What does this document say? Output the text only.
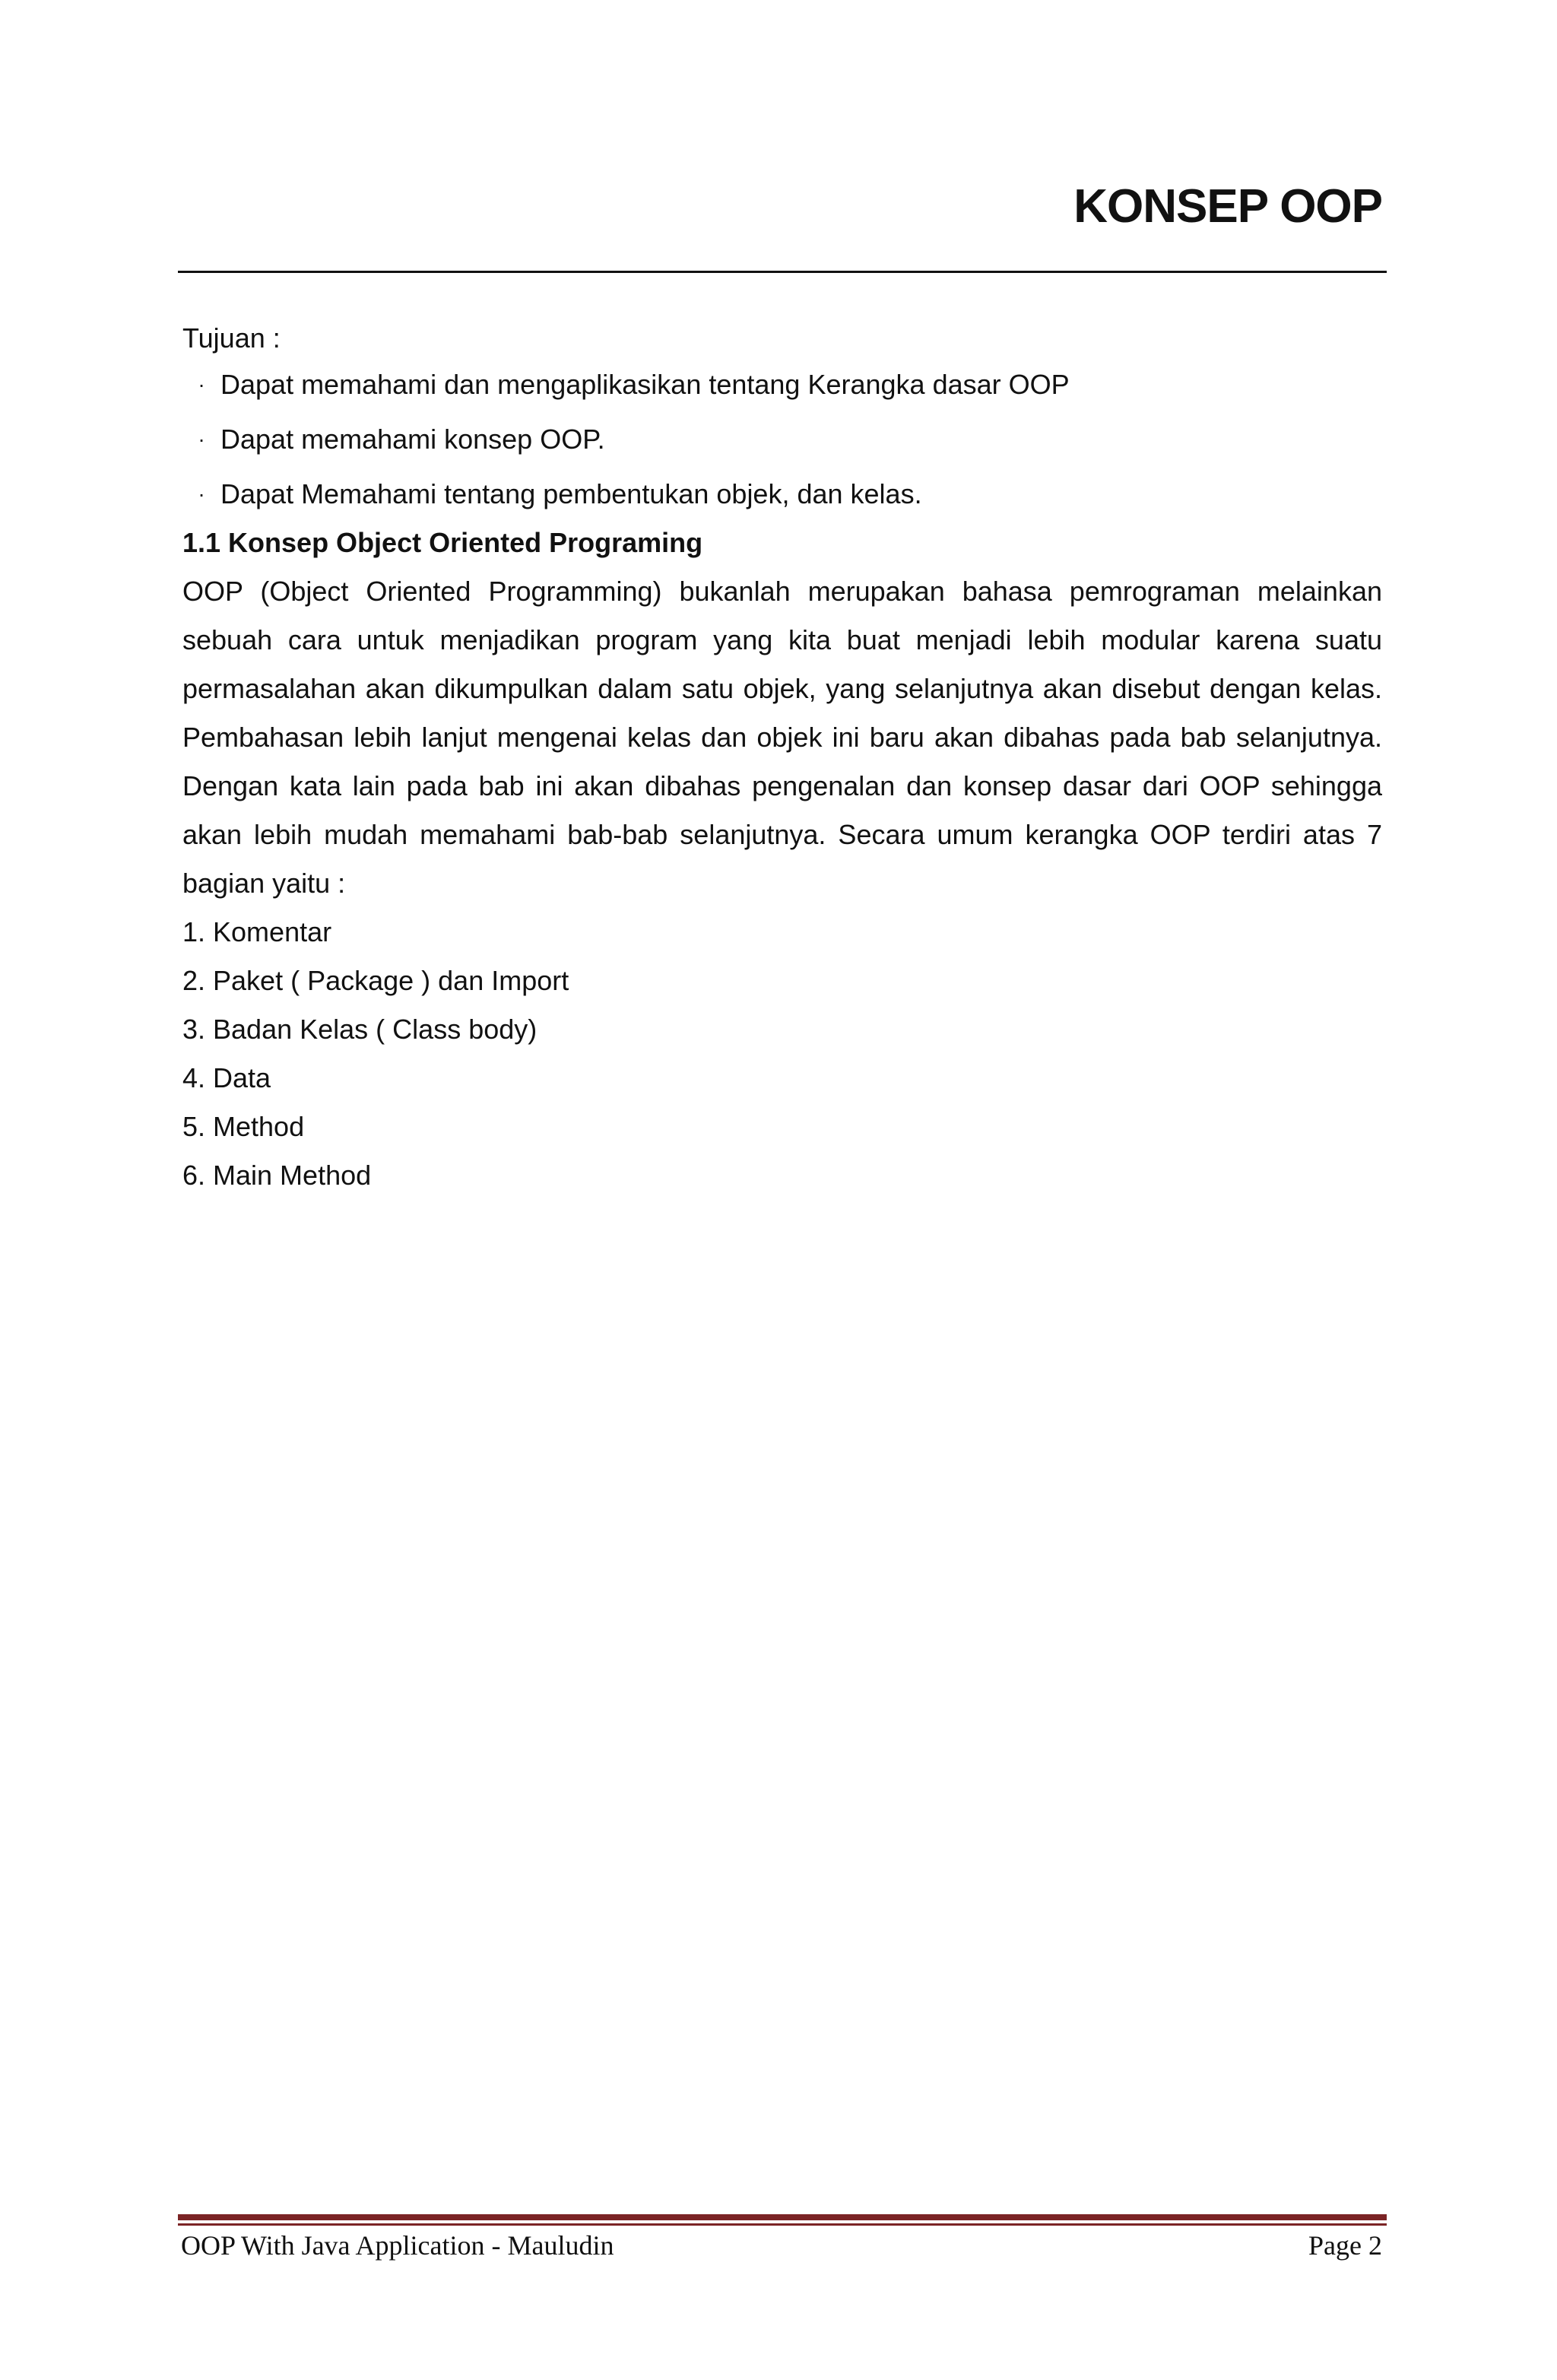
KONSEP OOP
Tujuan :
· Dapat memahami dan mengaplikasikan tentang Kerangka dasar OOP
· Dapat memahami konsep OOP.
· Dapat Memahami tentang pembentukan objek, dan kelas.
1.1 Konsep Object Oriented Programing

OOP (Object Oriented Programming) bukanlah merupakan bahasa pemrograman melainkan sebuah cara untuk menjadikan program yang kita buat menjadi lebih modular karena suatu permasalahan akan dikumpulkan dalam satu objek, yang selanjutnya akan disebut dengan kelas. Pembahasan lebih lanjut mengenai kelas dan objek ini baru akan dibahas pada bab selanjutnya. Dengan kata lain pada bab ini akan dibahas pengenalan dan konsep dasar dari OOP sehingga akan lebih mudah memahami bab-bab selanjutnya. Secara umum kerangka OOP terdiri atas 7 bagian yaitu :

1. Komentar
2. Paket ( Package ) dan Import
3. Badan Kelas ( Class body)
4. Data
5. Method
6. Main Method
OOP With Java Application - Mauludin	Page 2
